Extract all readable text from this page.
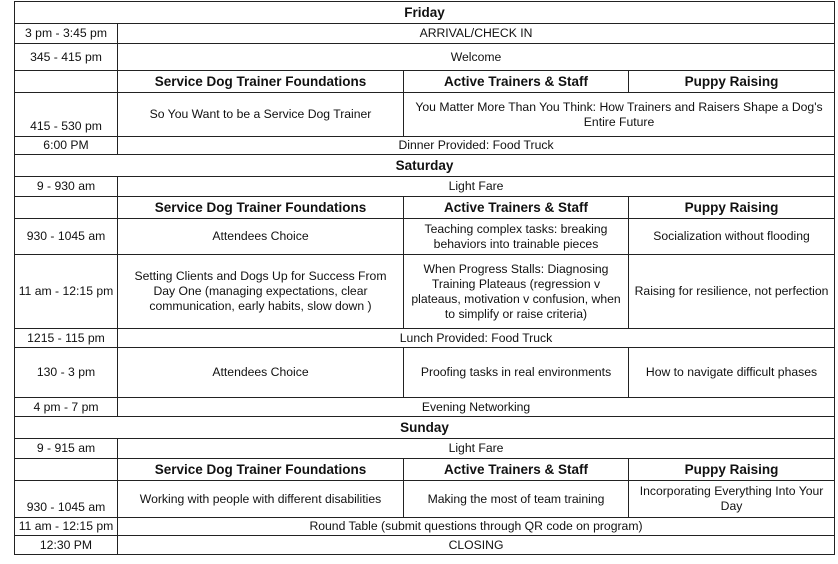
Friday			
3 pm - 3:45 pm	ARRIVAL/CHECK IN		
345 - 415 pm	Welcome		
	Service Dog Trainer Foundations	Active Trainers & Staff	Puppy Raising
415 - 530 pm	So You Want to be a Service Dog Trainer	You Matter More Than You Think: How Trainers and Raisers Shape a Dog's Entire Future	
6:00 PM	Dinner Provided: Food Truck		
Saturday			
9 - 930 am	Light Fare		
	Service Dog Trainer Foundations	Active Trainers & Staff	Puppy Raising
930 - 1045 am	Attendees Choice	Teaching complex tasks: breaking behaviors into trainable pieces	Socialization without flooding
11 am - 12:15 pm	Setting Clients and Dogs Up for Success From Day One (managing expectations, clear communication, early habits, slow down )	When Progress Stalls: Diagnosing Training Plateaus (regression v plateaus, motivation v confusion, when to simplify or raise criteria)	Raising for resilience, not perfection
1215 - 115 pm	Lunch Provided: Food Truck		
130 - 3 pm	Attendees Choice	Proofing tasks in real environments	How to navigate difficult phases
4 pm - 7 pm	Evening Networking		
Sunday			
9 - 915 am	Light Fare		
	Service Dog Trainer Foundations	Active Trainers & Staff	Puppy Raising
930 - 1045 am	Working with people with different disabilities	Making the most of team training	Incorporating Everything Into Your Day
11 am - 12:15 pm	Round Table (submit questions through QR code on program)		
12:30 PM	CLOSING		
